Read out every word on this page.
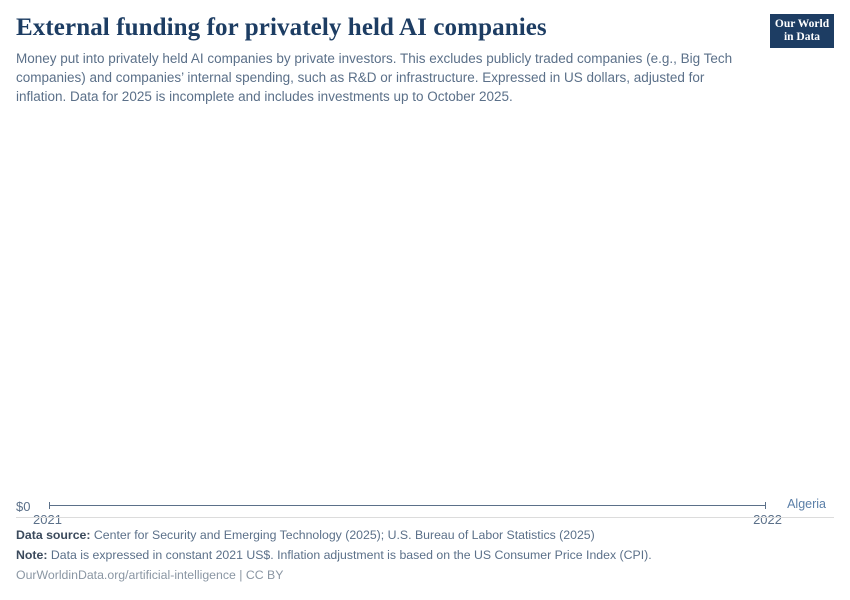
External funding for privately held AI companies

Money put into privately held AI companies by private investors. This excludes publicly traded companies (e.g., Big Tech companies) and companies’ internal spending, such as R&D or infrastructure. Expressed in US dollars, adjusted for inflation. Data for 2025 is incomplete and includes investments up to October 2025.

Our World
in Data
$0
2021	2022
Algeria
Data source: Center for Security and Emerging Technology (2025); U.S. Bureau of Labor Statistics (2025)
Note: Data is expressed in constant 2021 US$. Inflation adjustment is based on the US Consumer Price Index (CPI).
OurWorldinData.org/artificial-intelligence | CC BY
